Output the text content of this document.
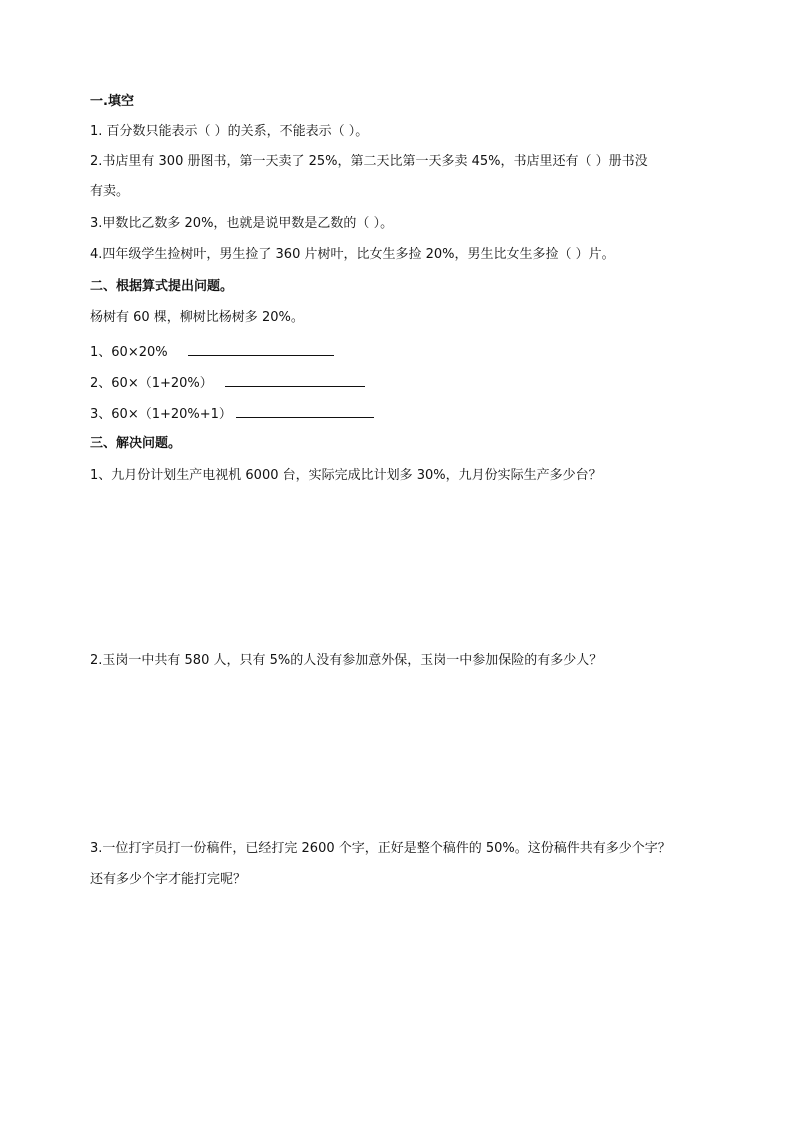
一.填空
1. 百分数只能表示（ ）的关系，不能表示（ ）。
2.书店里有 300 册图书，第一天卖了 25%，第二天比第一天多卖 45%，书店里还有（ ）册书没
有卖。
3.甲数比乙数多 20%，也就是说甲数是乙数的（ ）。
4.四年级学生捡树叶，男生捡了 360 片树叶，比女生多捡 20%，男生比女生多捡（ ）片。
二、根据算式提出问题。
杨树有 60 棵，柳树比杨树多 20%。
1、60×20%
2、60×（1+20%）
3、60×（1+20%+1）
三、解决问题。
1、九月份计划生产电视机 6000 台，实际完成比计划多 30%，九月份实际生产多少台？
2.玉岗一中共有 580 人，只有 5%的人没有参加意外保，玉岗一中参加保险的有多少人？
3.一位打字员打一份稿件，已经打完 2600 个字，正好是整个稿件的 50%。这份稿件共有多少个字？
还有多少个字才能打完呢？
